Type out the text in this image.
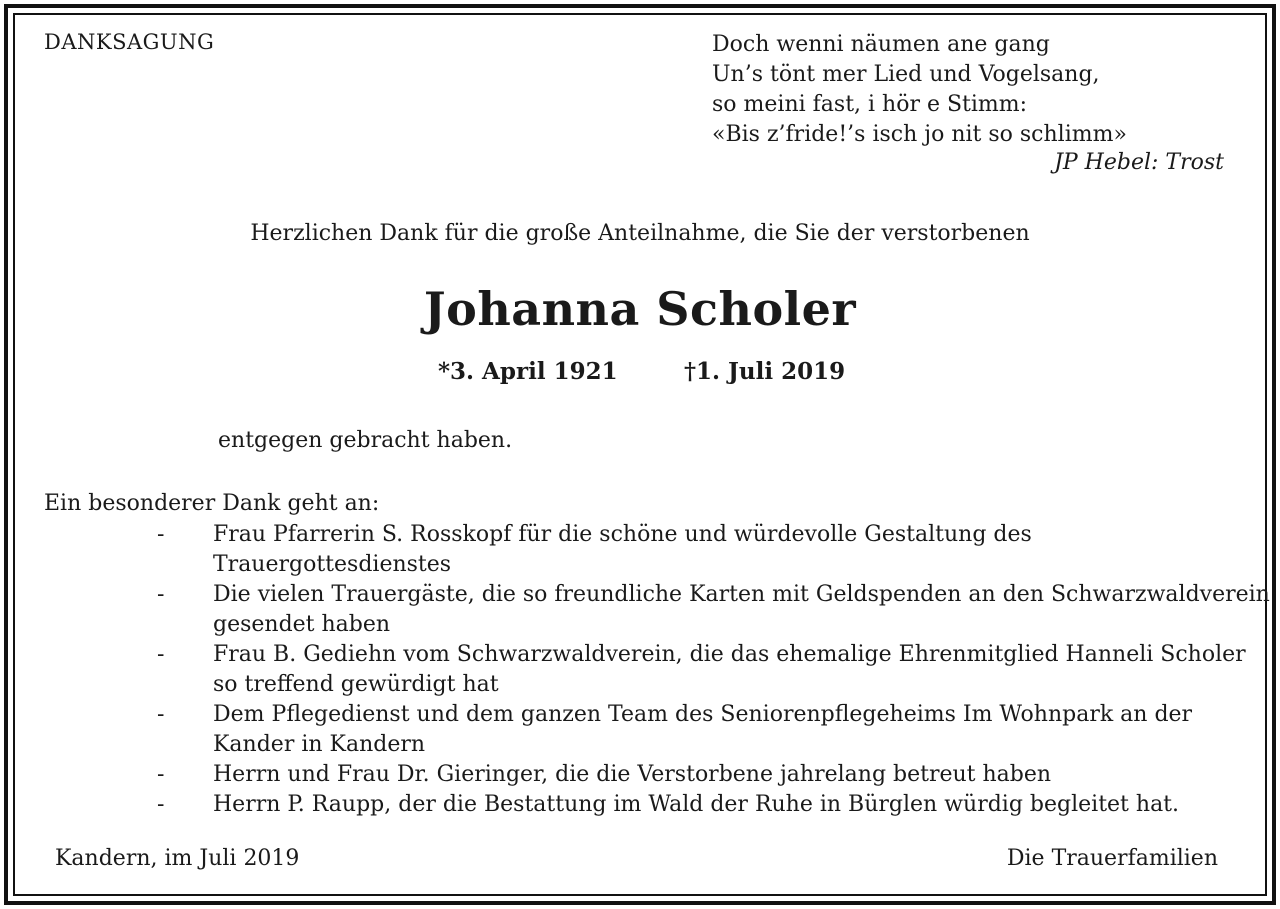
DANKSAGUNG	Doch wenni näumen ane gang
Un’s tönt mer Lied und Vogelsang,
so meini fast, i hör e Stimm:
«Bis z’fride!’s isch jo nit so schlimm»
JP Hebel: Trost
Herzlichen Dank für die große Anteilnahme, die Sie der verstorbenen
Johanna Scholer
*3. April 1921	†1. Juli 2019
entgegen gebracht haben.
Ein besonderer Dank geht an:
- Frau Pfarrerin S. Rosskopf für die schöne und würdevolle Gestaltung des Trauergottesdienstes
- Die vielen Trauergäste, die so freundliche Karten mit Geldspenden an den Schwarzwaldverein gesendet haben
- Frau B. Gediehn vom Schwarzwaldverein, die das ehemalige Ehrenmitglied Hanneli Scholer so treffend gewürdigt hat
- Dem Pflegedienst und dem ganzen Team des Seniorenpflegeheims Im Wohnpark an der Kander in Kandern
- Herrn und Frau Dr. Gieringer, die die Verstorbene jahrelang betreut haben
- Herrn P. Raupp, der die Bestattung im Wald der Ruhe in Bürglen würdig begleitet hat.
Kandern, im Juli 2019	Die Trauerfamilien
